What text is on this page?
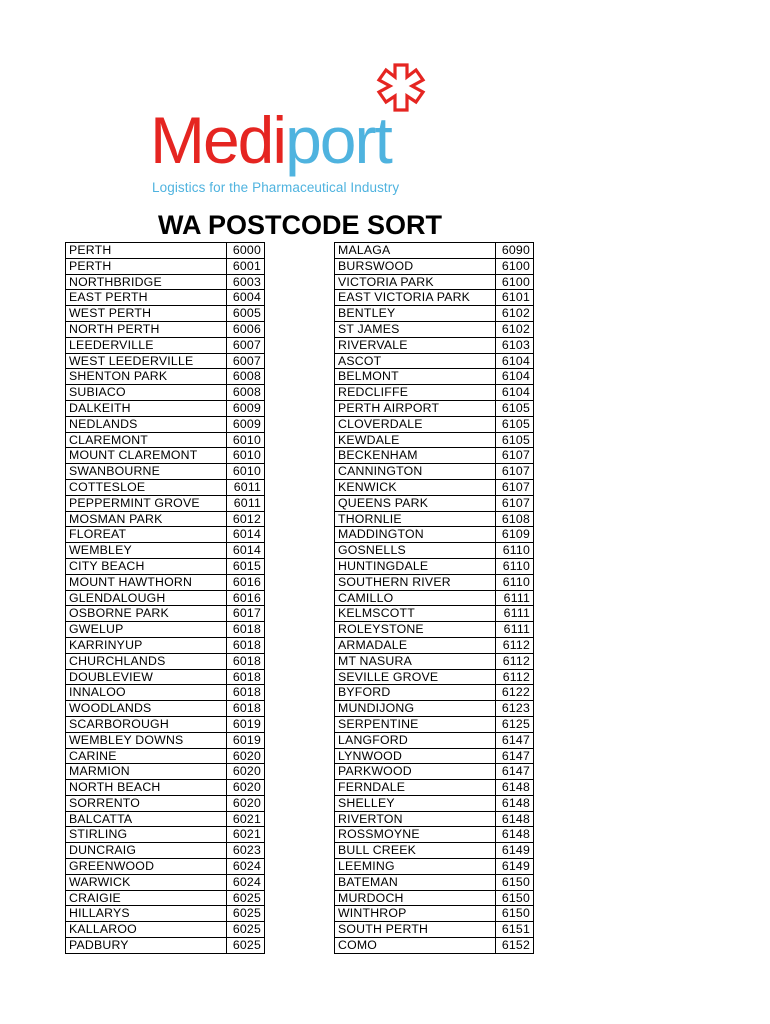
Mediport
Logistics for the Pharmaceutical Industry
WA POSTCODE SORT
PERTH	6000
PERTH	6001
NORTHBRIDGE	6003
EAST PERTH	6004
WEST PERTH	6005
NORTH PERTH	6006
LEEDERVILLE	6007
WEST LEEDERVILLE	6007
SHENTON PARK	6008
SUBIACO	6008
DALKEITH	6009
NEDLANDS	6009
CLAREMONT	6010
MOUNT CLAREMONT	6010
SWANBOURNE	6010
COTTESLOE	6011
PEPPERMINT GROVE	6011
MOSMAN PARK	6012
FLOREAT	6014
WEMBLEY	6014
CITY BEACH	6015
MOUNT HAWTHORN	6016
GLENDALOUGH	6016
OSBORNE PARK	6017
GWELUP	6018
KARRINYUP	6018
CHURCHLANDS	6018
DOUBLEVIEW	6018
INNALOO	6018
WOODLANDS	6018
SCARBOROUGH	6019
WEMBLEY DOWNS	6019
CARINE	6020
MARMION	6020
NORTH BEACH	6020
SORRENTO	6020
BALCATTA	6021
STIRLING	6021
DUNCRAIG	6023
GREENWOOD	6024
WARWICK	6024
CRAIGIE	6025
HILLARYS	6025
KALLAROO	6025
PADBURY	6025
MALAGA	6090
BURSWOOD	6100
VICTORIA PARK	6100
EAST VICTORIA PARK	6101
BENTLEY	6102
ST JAMES	6102
RIVERVALE	6103
ASCOT	6104
BELMONT	6104
REDCLIFFE	6104
PERTH AIRPORT	6105
CLOVERDALE	6105
KEWDALE	6105
BECKENHAM	6107
CANNINGTON	6107
KENWICK	6107
QUEENS PARK	6107
THORNLIE	6108
MADDINGTON	6109
GOSNELLS	6110
HUNTINGDALE	6110
SOUTHERN RIVER	6110
CAMILLO	6111
KELMSCOTT	6111
ROLEYSTONE	6111
ARMADALE	6112
MT NASURA	6112
SEVILLE GROVE	6112
BYFORD	6122
MUNDIJONG	6123
SERPENTINE	6125
LANGFORD	6147
LYNWOOD	6147
PARKWOOD	6147
FERNDALE	6148
SHELLEY	6148
RIVERTON	6148
ROSSMOYNE	6148
BULL CREEK	6149
LEEMING	6149
BATEMAN	6150
MURDOCH	6150
WINTHROP	6150
SOUTH PERTH	6151
COMO	6152
